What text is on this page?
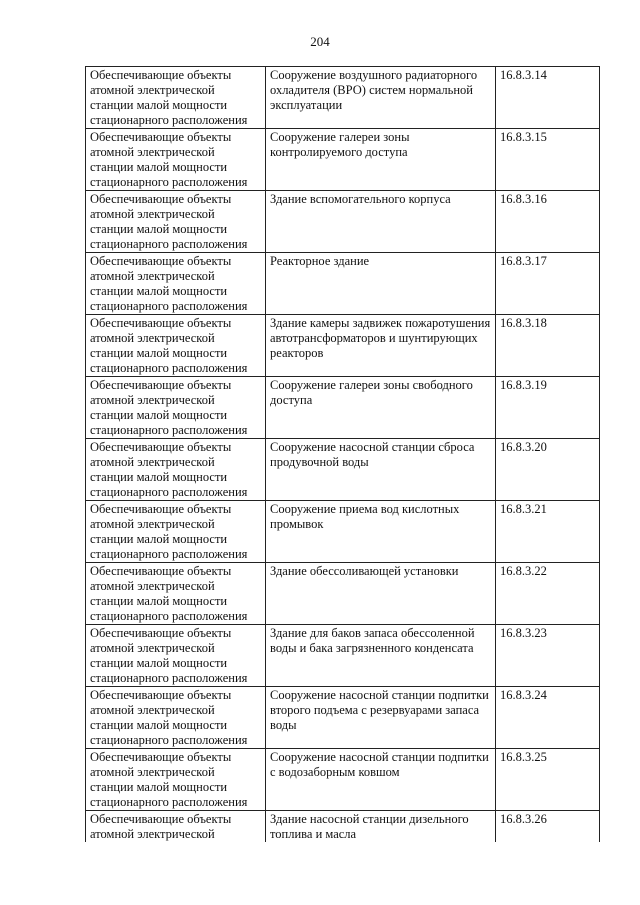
204
Обеспечивающие объекты
атомной электрической
станции малой мощности
стационарного расположения	Сооружение воздушного радиаторного охладителя (ВРО) систем нормальной эксплуатации	16.8.3.14
Обеспечивающие объекты
атомной электрической
станции малой мощности
стационарного расположения	Сооружение галереи зоны контролируемого доступа	16.8.3.15
Обеспечивающие объекты
атомной электрической
станции малой мощности
стационарного расположения	Здание вспомогательного корпуса	16.8.3.16
Обеспечивающие объекты
атомной электрической
станции малой мощности
стационарного расположения	Реакторное здание	16.8.3.17
Обеспечивающие объекты
атомной электрической
станции малой мощности
стационарного расположения	Здание камеры задвижек пожаротушения автотрансформаторов и шунтирующих реакторов	16.8.3.18
Обеспечивающие объекты
атомной электрической
станции малой мощности
стационарного расположения	Сооружение галереи зоны свободного доступа	16.8.3.19
Обеспечивающие объекты
атомной электрической
станции малой мощности
стационарного расположения	Сооружение насосной станции сброса продувочной воды	16.8.3.20
Обеспечивающие объекты
атомной электрической
станции малой мощности
стационарного расположения	Сооружение приема вод кислотных промывок	16.8.3.21
Обеспечивающие объекты
атомной электрической
станции малой мощности
стационарного расположения	Здание обессоливающей установки	16.8.3.22
Обеспечивающие объекты
атомной электрической
станции малой мощности
стационарного расположения	Здание для баков запаса обессоленной воды и бака загрязненного конденсата	16.8.3.23
Обеспечивающие объекты
атомной электрической
станции малой мощности
стационарного расположения	Сооружение насосной станции подпитки второго подъема с резервуарами запаса воды	16.8.3.24
Обеспечивающие объекты
атомной электрической
станции малой мощности
стационарного расположения	Сооружение насосной станции подпитки с водозаборным ковшом	16.8.3.25
Обеспечивающие объекты
атомной электрической	Здание насосной станции дизельного топлива и масла	16.8.3.26
